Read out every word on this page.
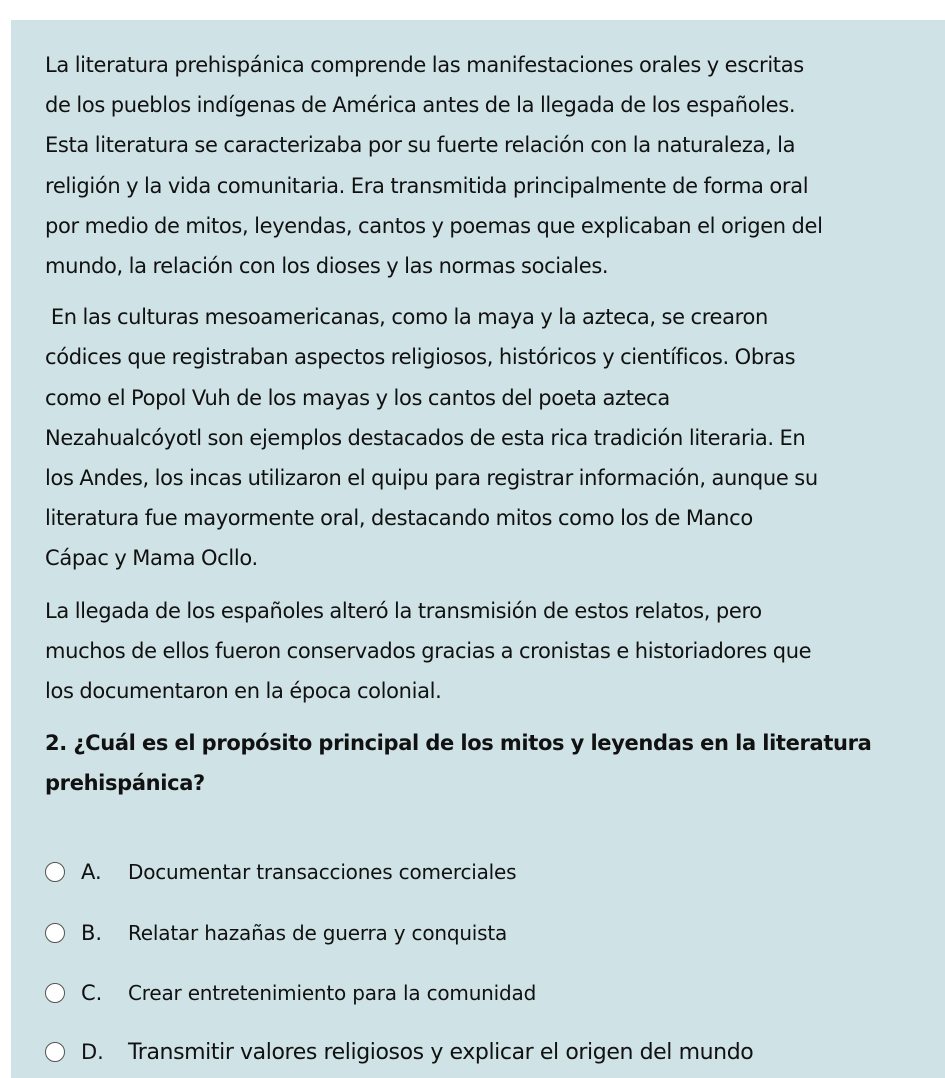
La literatura prehispánica comprende las manifestaciones orales y escritas
de los pueblos indígenas de América antes de la llegada de los españoles.
Esta literatura se caracterizaba por su fuerte relación con la naturaleza, la
religión y la vida comunitaria. Era transmitida principalmente de forma oral
por medio de mitos, leyendas, cantos y poemas que explicaban el origen del
mundo, la relación con los dioses y las normas sociales.
En las culturas mesoamericanas, como la maya y la azteca, se crearon
códices que registraban aspectos religiosos, históricos y científicos. Obras
como el Popol Vuh de los mayas y los cantos del poeta azteca
Nezahualcóyotl son ejemplos destacados de esta rica tradición literaria. En
los Andes, los incas utilizaron el quipu para registrar información, aunque su
literatura fue mayormente oral, destacando mitos como los de Manco
Cápac y Mama Ocllo.
La llegada de los españoles alteró la transmisión de estos relatos, pero
muchos de ellos fueron conservados gracias a cronistas e historiadores que
los documentaron en la época colonial.
2. ¿Cuál es el propósito principal de los mitos y leyendas en la literatura
prehispánica?
A.	Documentar transacciones comerciales
B.	Relatar hazañas de guerra y conquista
C.	Crear entretenimiento para la comunidad
D.	Transmitir valores religiosos y explicar el origen del mundo
